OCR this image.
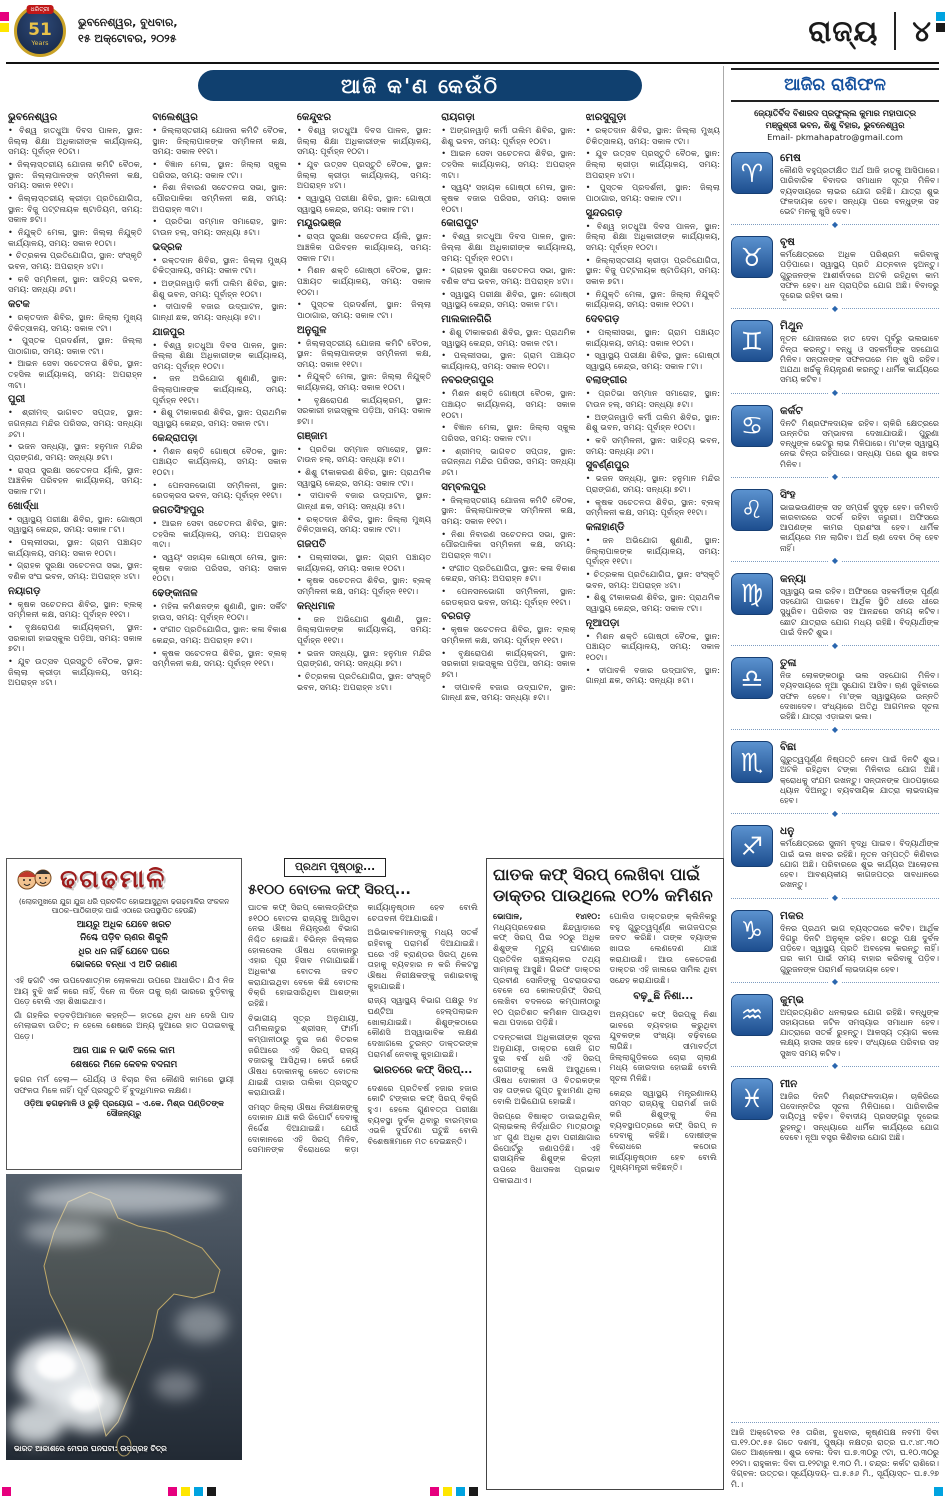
ଧରିତ୍ରୀ
51
Years
ଭୁବନେଶ୍ୱର, ବୁଧବାର,
୧୫ ଅକ୍ଟୋବର, ୨୦୨୫	ରାଜ୍ୟ ୪
ଆଜି କ'ଣ କେଉଁଠି
ଭୁବନେଶ୍ୱର
• ବିଶ୍ୱ ହାତଧୁଆ ଦିବସ ପାଳନ, ସ୍ଥାନ: ଜିଲ୍ଲା ଶିକ୍ଷା ଅଧିକାରୀଙ୍କ କାର୍ଯ୍ୟାଳୟ, ସମୟ: ପୂର୍ବାହ୍ନ ୧୦ଟା।
• ଜିଲ୍ଲାସ୍ତରୀୟ ଯୋଜନା କମିଟି ବୈଠକ, ସ୍ଥାନ: ଜିଲ୍ଲାପାଳଙ୍କ ସମ୍ମିଳନୀ କକ୍ଷ, ସମୟ: ସକାଳ ୧୧ଟା।
• ଜିଲ୍ଲାସ୍ତରୀୟ କ୍ରୀଡ଼ା ପ୍ରତିଯୋଗିତା, ସ୍ଥାନ: ବିଜୁ ପଟ୍ଟନାୟକ ଷ୍ଟାଡିୟମ, ସମୟ: ସକାଳ ୭ଟା।
• ନିଯୁକ୍ତି ମେଳା, ସ୍ଥାନ: ଜିଲ୍ଲା ନିଯୁକ୍ତି କାର୍ଯ୍ୟାଳୟ, ସମୟ: ସକାଳ ୧୦ଟା।
• ଚିତ୍ରକଳା ପ୍ରତିଯୋଗିତା, ସ୍ଥାନ: ସଂସ୍କୃତି ଭବନ, ସମୟ: ଅପରାହ୍ନ ୪ଟା।
• କବି ସମ୍ମିଳନୀ, ସ୍ଥାନ: ସାହିତ୍ୟ ଭବନ, ସମୟ: ସନ୍ଧ୍ୟା ୬ଟା।
କଟକ
• ରକ୍ତଦାନ ଶିବିର, ସ୍ଥାନ: ଜିଲ୍ଲା ମୁଖ୍ୟ ଚିକିତ୍ସାଳୟ, ସମୟ: ସକାଳ ୯ଟା।
• ପୁସ୍ତକ ପ୍ରଦର୍ଶନୀ, ସ୍ଥାନ: ଜିଲ୍ଲା ପାଠାଗାର, ସମୟ: ସକାଳ ୯ଟା।
• ଆଇନ ସେବା ସଚେତନତା ଶିବିର, ସ୍ଥାନ: ତହସିଲ କାର୍ଯ୍ୟାଳୟ, ସମୟ: ଅପରାହ୍ନ ୩ଟା।
ପୁରୀ
• ଶ୍ରୀମଦ୍ ଭାଗବତ ସପ୍ତାହ, ସ୍ଥାନ: ଜଗନ୍ନାଥ ମନ୍ଦିର ପରିସର, ସମୟ: ସନ୍ଧ୍ୟା ୬ଟା।
• ଭଜନ ସନ୍ଧ୍ୟା, ସ୍ଥାନ: ହନୁମାନ ମନ୍ଦିର ପ୍ରାଙ୍ଗଣ, ସମୟ: ସନ୍ଧ୍ୟା ୭ଟା।
• ରାସ୍ତା ସୁରକ୍ଷା ସଚେତନତା ର୍ୟାଲି, ସ୍ଥାନ: ଆଞ୍ଚଳିକ ପରିବହନ କାର୍ଯ୍ୟାଳୟ, ସମୟ: ସକାଳ ୮ଟା।
ଖୋର୍ଦ୍ଧା
• ସ୍ୱାସ୍ଥ୍ୟ ପରୀକ୍ଷା ଶିବିର, ସ୍ଥାନ: ଗୋଷ୍ଠୀ ସ୍ୱାସ୍ଥ୍ୟ କେନ୍ଦ୍ର, ସମୟ: ସକାଳ ୮ଟା।
• ପଲ୍ଲୀସଭା, ସ୍ଥାନ: ଗ୍ରାମ ପଞ୍ଚାୟତ କାର୍ଯ୍ୟାଳୟ, ସମୟ: ସକାଳ ୧୦ଟା।
• ଗ୍ରାହକ ସୁରକ୍ଷା ସଚେତନତା ସଭା, ସ୍ଥାନ: ବଣିକ ସଂଘ ଭବନ, ସମୟ: ଅପରାହ୍ନ ୪ଟା।
ନୟାଗଡ଼
• କୃଷକ ସଚେତନତା ଶିବିର, ସ୍ଥାନ: ବ୍ଲକ୍ ସମ୍ମିଳନୀ କକ୍ଷ, ସମୟ: ପୂର୍ବାହ୍ନ ୧୧ଟା।
• ବୃକ୍ଷରୋପଣ କାର୍ଯ୍ୟକ୍ରମ, ସ୍ଥାନ: ସରକାରୀ ହାଇସ୍କୁଲ ପଡ଼ିଆ, ସମୟ: ସକାଳ ୭ଟା।
• ଯୁବ ଉତ୍ସବ ପ୍ରସ୍ତୁତି ବୈଠକ, ସ୍ଥାନ: ଜିଲ୍ଲା କ୍ରୀଡ଼ା କାର୍ଯ୍ୟାଳୟ, ସମୟ: ଅପରାହ୍ନ ୪ଟା।
ବାଲେଶ୍ୱର
• ଜିଲ୍ଲାସ୍ତରୀୟ ଯୋଜନା କମିଟି ବୈଠକ, ସ୍ଥାନ: ଜିଲ୍ଲାପାଳଙ୍କ ସମ୍ମିଳନୀ କକ୍ଷ, ସମୟ: ସକାଳ ୧୧ଟା।
• ବିଜ୍ଞାନ ମେଳା, ସ୍ଥାନ: ଜିଲ୍ଲା ସ୍କୁଲ ପରିସର, ସମୟ: ସକାଳ ୯ଟା।
• ନିଶା ନିବାରଣ ସଚେତନତା ସଭା, ସ୍ଥାନ: ପୌରପାଳିକା ସମ୍ମିଳନୀ କକ୍ଷ, ସମୟ: ଅପରାହ୍ନ ୩ଟା।
• ପ୍ରତିଭା ସମ୍ମାନ ସମାରୋହ, ସ୍ଥାନ: ଟାଉନ ହଲ୍, ସମୟ: ସନ୍ଧ୍ୟା ୫ଟା।
ଭଦ୍ରକ
• ରକ୍ତଦାନ ଶିବିର, ସ୍ଥାନ: ଜିଲ୍ଲା ମୁଖ୍ୟ ଚିକିତ୍ସାଳୟ, ସମୟ: ସକାଳ ୯ଟା।
• ଅଙ୍ଗନୱାଡ଼ି କର୍ମୀ ତାଲିମ ଶିବିର, ସ୍ଥାନ: ଶିଶୁ ଭବନ, ସମୟ: ପୂର୍ବାହ୍ନ ୧୦ଟା।
• ଦୀପାବଳି ବଜାର ଉଦ୍‌ଘାଟନ, ସ୍ଥାନ: ଗାନ୍ଧୀ ଛକ, ସମୟ: ସନ୍ଧ୍ୟା ୫ଟା।
ଯାଜପୁର
• ବିଶ୍ୱ ହାତଧୁଆ ଦିବସ ପାଳନ, ସ୍ଥାନ: ଜିଲ୍ଲା ଶିକ୍ଷା ଅଧିକାରୀଙ୍କ କାର୍ଯ୍ୟାଳୟ, ସମୟ: ପୂର୍ବାହ୍ନ ୧୦ଟା।
• ଜନ ଅଭିଯୋଗ ଶୁଣାଣି, ସ୍ଥାନ: ଜିଲ୍ଲାପାଳଙ୍କ କାର୍ଯ୍ୟାଳୟ, ସମୟ: ପୂର୍ବାହ୍ନ ୧୧ଟା।
• ଶିଶୁ ଟୀକାକରଣ ଶିବିର, ସ୍ଥାନ: ପ୍ରାଥମିକ ସ୍ୱାସ୍ଥ୍ୟ କେନ୍ଦ୍ର, ସମୟ: ସକାଳ ୯ଟା।
କେନ୍ଦ୍ରାପଡ଼ା
• ମିଶନ ଶକ୍ତି ଗୋଷ୍ଠୀ ବୈଠକ, ସ୍ଥାନ: ପଞ୍ଚାୟତ କାର୍ଯ୍ୟାଳୟ, ସମୟ: ସକାଳ ୧୦ଟା।
• ପେନସନଭୋଗୀ ସମ୍ମିଳନୀ, ସ୍ଥାନ: ରେଡକ୍ରସ ଭବନ, ସମୟ: ପୂର୍ବାହ୍ନ ୧୧ଟା।
ଜଗତସିଂହପୁର
• ଆଇନ ସେବା ସଚେତନତା ଶିବିର, ସ୍ଥାନ: ତହସିଲ କାର୍ଯ୍ୟାଳୟ, ସମୟ: ଅପରାହ୍ନ ୩ଟା।
• ସ୍ୱୟଂ ସହାୟକ ଗୋଷ୍ଠୀ ମେଳା, ସ୍ଥାନ: କୃଷକ ବଜାର ପରିସର, ସମୟ: ସକାଳ ୧୦ଟା।
ଢେଙ୍କାନାଳ
• ମହିଳା କମିଶନଙ୍କ ଶୁଣାଣି, ସ୍ଥାନ: ସର୍କିଟ ହାଉସ, ସମୟ: ପୂର୍ବାହ୍ନ ୧୦ଟା।
• ସଂଗୀତ ପ୍ରତିଯୋଗିତା, ସ୍ଥାନ: କଳା ବିକାଶ କେନ୍ଦ୍ର, ସମୟ: ଅପରାହ୍ନ ୫ଟା।
• କୃଷକ ସଚେତନତା ଶିବିର, ସ୍ଥାନ: ବ୍ଲକ୍ ସମ୍ମିଳନୀ କକ୍ଷ, ସମୟ: ପୂର୍ବାହ୍ନ ୧୧ଟା।
କେନ୍ଦୁଝର
• ବିଶ୍ୱ ହାତଧୁଆ ଦିବସ ପାଳନ, ସ୍ଥାନ: ଜିଲ୍ଲା ଶିକ୍ଷା ଅଧିକାରୀଙ୍କ କାର୍ଯ୍ୟାଳୟ, ସମୟ: ପୂର୍ବାହ୍ନ ୧୦ଟା।
• ଯୁବ ଉତ୍ସବ ପ୍ରସ୍ତୁତି ବୈଠକ, ସ୍ଥାନ: ଜିଲ୍ଲା କ୍ରୀଡ଼ା କାର୍ଯ୍ୟାଳୟ, ସମୟ: ଅପରାହ୍ନ ୪ଟା।
• ସ୍ୱାସ୍ଥ୍ୟ ପରୀକ୍ଷା ଶିବିର, ସ୍ଥାନ: ଗୋଷ୍ଠୀ ସ୍ୱାସ୍ଥ୍ୟ କେନ୍ଦ୍ର, ସମୟ: ସକାଳ ୮ଟା।
ମୟୂରଭଞ୍ଜ
• ରାସ୍ତା ସୁରକ୍ଷା ସଚେତନତା ର୍ୟାଲି, ସ୍ଥାନ: ଆଞ୍ଚଳିକ ପରିବହନ କାର୍ଯ୍ୟାଳୟ, ସମୟ: ସକାଳ ୮ଟା।
• ମିଶନ ଶକ୍ତି ଗୋଷ୍ଠୀ ବୈଠକ, ସ୍ଥାନ: ପଞ୍ଚାୟତ କାର୍ଯ୍ୟାଳୟ, ସମୟ: ସକାଳ ୧୦ଟା।
• ପୁସ୍ତକ ପ୍ରଦର୍ଶନୀ, ସ୍ଥାନ: ଜିଲ୍ଲା ପାଠାଗାର, ସମୟ: ସକାଳ ୯ଟା।
ଅନୁଗୁଳ
• ଜିଲ୍ଲାସ୍ତରୀୟ ଯୋଜନା କମିଟି ବୈଠକ, ସ୍ଥାନ: ଜିଲ୍ଲାପାଳଙ୍କ ସମ୍ମିଳନୀ କକ୍ଷ, ସମୟ: ସକାଳ ୧୧ଟା।
• ନିଯୁକ୍ତି ମେଳା, ସ୍ଥାନ: ଜିଲ୍ଲା ନିଯୁକ୍ତି କାର୍ଯ୍ୟାଳୟ, ସମୟ: ସକାଳ ୧୦ଟା।
• ବୃକ୍ଷରୋପଣ କାର୍ଯ୍ୟକ୍ରମ, ସ୍ଥାନ: ସରକାରୀ ହାଇସ୍କୁଲ ପଡ଼ିଆ, ସମୟ: ସକାଳ ୭ଟା।
ଗଞ୍ଜାମ
• ପ୍ରତିଭା ସମ୍ମାନ ସମାରୋହ, ସ୍ଥାନ: ଟାଉନ ହଲ୍, ସମୟ: ସନ୍ଧ୍ୟା ୫ଟା।
• ଶିଶୁ ଟୀକାକରଣ ଶିବିର, ସ୍ଥାନ: ପ୍ରାଥମିକ ସ୍ୱାସ୍ଥ୍ୟ କେନ୍ଦ୍ର, ସମୟ: ସକାଳ ୯ଟା।
• ଦୀପାବଳି ବଜାର ଉଦ୍‌ଘାଟନ, ସ୍ଥାନ: ଗାନ୍ଧୀ ଛକ, ସମୟ: ସନ୍ଧ୍ୟା ୫ଟା।
• ରକ୍ତଦାନ ଶିବିର, ସ୍ଥାନ: ଜିଲ୍ଲା ମୁଖ୍ୟ ଚିକିତ୍ସାଳୟ, ସମୟ: ସକାଳ ୯ଟା।
ଗଜପତି
• ପଲ୍ଲୀସଭା, ସ୍ଥାନ: ଗ୍ରାମ ପଞ୍ଚାୟତ କାର୍ଯ୍ୟାଳୟ, ସମୟ: ସକାଳ ୧୦ଟା।
• କୃଷକ ସଚେତନତା ଶିବିର, ସ୍ଥାନ: ବ୍ଲକ୍ ସମ୍ମିଳନୀ କକ୍ଷ, ସମୟ: ପୂର୍ବାହ୍ନ ୧୧ଟା।
କନ୍ଧମାଳ
• ଜନ ଅଭିଯୋଗ ଶୁଣାଣି, ସ୍ଥାନ: ଜିଲ୍ଲାପାଳଙ୍କ କାର୍ଯ୍ୟାଳୟ, ସମୟ: ପୂର୍ବାହ୍ନ ୧୧ଟା।
• ଭଜନ ସନ୍ଧ୍ୟା, ସ୍ଥାନ: ହନୁମାନ ମନ୍ଦିର ପ୍ରାଙ୍ଗଣ, ସମୟ: ସନ୍ଧ୍ୟା ୭ଟା।
• ଚିତ୍ରକଳା ପ୍ରତିଯୋଗିତା, ସ୍ଥାନ: ସଂସ୍କୃତି ଭବନ, ସମୟ: ଅପରାହ୍ନ ୪ଟା।
ରାୟଗଡ଼ା
• ଅଙ୍ଗନୱାଡ଼ି କର୍ମୀ ତାଲିମ ଶିବିର, ସ୍ଥାନ: ଶିଶୁ ଭବନ, ସମୟ: ପୂର୍ବାହ୍ନ ୧୦ଟା।
• ଆଇନ ସେବା ସଚେତନତା ଶିବିର, ସ୍ଥାନ: ତହସିଲ କାର୍ଯ୍ୟାଳୟ, ସମୟ: ଅପରାହ୍ନ ୩ଟା।
• ସ୍ୱୟଂ ସହାୟକ ଗୋଷ୍ଠୀ ମେଳା, ସ୍ଥାନ: କୃଷକ ବଜାର ପରିସର, ସମୟ: ସକାଳ ୧୦ଟା।
କୋରାପୁଟ
• ବିଶ୍ୱ ହାତଧୁଆ ଦିବସ ପାଳନ, ସ୍ଥାନ: ଜିଲ୍ଲା ଶିକ୍ଷା ଅଧିକାରୀଙ୍କ କାର୍ଯ୍ୟାଳୟ, ସମୟ: ପୂର୍ବାହ୍ନ ୧୦ଟା।
• ଗ୍ରାହକ ସୁରକ୍ଷା ସଚେତନତା ସଭା, ସ୍ଥାନ: ବଣିକ ସଂଘ ଭବନ, ସମୟ: ଅପରାହ୍ନ ୪ଟା।
• ସ୍ୱାସ୍ଥ୍ୟ ପରୀକ୍ଷା ଶିବିର, ସ୍ଥାନ: ଗୋଷ୍ଠୀ ସ୍ୱାସ୍ଥ୍ୟ କେନ୍ଦ୍ର, ସମୟ: ସକାଳ ୮ଟା।
ମାଲକାନଗିରି
• ଶିଶୁ ଟୀକାକରଣ ଶିବିର, ସ୍ଥାନ: ପ୍ରାଥମିକ ସ୍ୱାସ୍ଥ୍ୟ କେନ୍ଦ୍ର, ସମୟ: ସକାଳ ୯ଟା।
• ପଲ୍ଲୀସଭା, ସ୍ଥାନ: ଗ୍ରାମ ପଞ୍ଚାୟତ କାର୍ଯ୍ୟାଳୟ, ସମୟ: ସକାଳ ୧୦ଟା।
ନବରଙ୍ଗପୁର
• ମିଶନ ଶକ୍ତି ଗୋଷ୍ଠୀ ବୈଠକ, ସ୍ଥାନ: ପଞ୍ଚାୟତ କାର୍ଯ୍ୟାଳୟ, ସମୟ: ସକାଳ ୧୦ଟା।
• ବିଜ୍ଞାନ ମେଳା, ସ୍ଥାନ: ଜିଲ୍ଲା ସ୍କୁଲ ପରିସର, ସମୟ: ସକାଳ ୯ଟା।
• ଶ୍ରୀମଦ୍ ଭାଗବତ ସପ୍ତାହ, ସ୍ଥାନ: ଜଗନ୍ନାଥ ମନ୍ଦିର ପରିସର, ସମୟ: ସନ୍ଧ୍ୟା ୬ଟା।
ସମ୍ବଲପୁର
• ଜିଲ୍ଲାସ୍ତରୀୟ ଯୋଜନା କମିଟି ବୈଠକ, ସ୍ଥାନ: ଜିଲ୍ଲାପାଳଙ୍କ ସମ୍ମିଳନୀ କକ୍ଷ, ସମୟ: ସକାଳ ୧୧ଟା।
• ନିଶା ନିବାରଣ ସଚେତନତା ସଭା, ସ୍ଥାନ: ପୌରପାଳିକା ସମ୍ମିଳନୀ କକ୍ଷ, ସମୟ: ଅପରାହ୍ନ ୩ଟା।
• ସଂଗୀତ ପ୍ରତିଯୋଗିତା, ସ୍ଥାନ: କଳା ବିକାଶ କେନ୍ଦ୍ର, ସମୟ: ଅପରାହ୍ନ ୫ଟା।
• ପେନସନଭୋଗୀ ସମ୍ମିଳନୀ, ସ୍ଥାନ: ରେଡକ୍ରସ ଭବନ, ସମୟ: ପୂର୍ବାହ୍ନ ୧୧ଟା।
ବରଗଡ଼
• କୃଷକ ସଚେତନତା ଶିବିର, ସ୍ଥାନ: ବ୍ଲକ୍ ସମ୍ମିଳନୀ କକ୍ଷ, ସମୟ: ପୂର୍ବାହ୍ନ ୧୧ଟା।
• ବୃକ୍ଷରୋପଣ କାର୍ଯ୍ୟକ୍ରମ, ସ୍ଥାନ: ସରକାରୀ ହାଇସ୍କୁଲ ପଡ଼ିଆ, ସମୟ: ସକାଳ ୭ଟା।
• ଦୀପାବଳି ବଜାର ଉଦ୍‌ଘାଟନ, ସ୍ଥାନ: ଗାନ୍ଧୀ ଛକ, ସମୟ: ସନ୍ଧ୍ୟା ୫ଟା।
ଝାରସୁଗୁଡ଼ା
• ରକ୍ତଦାନ ଶିବିର, ସ୍ଥାନ: ଜିଲ୍ଲା ମୁଖ୍ୟ ଚିକିତ୍ସାଳୟ, ସମୟ: ସକାଳ ୯ଟା।
• ଯୁବ ଉତ୍ସବ ପ୍ରସ୍ତୁତି ବୈଠକ, ସ୍ଥାନ: ଜିଲ୍ଲା କ୍ରୀଡ଼ା କାର୍ଯ୍ୟାଳୟ, ସମୟ: ଅପରାହ୍ନ ୪ଟା।
• ପୁସ୍ତକ ପ୍ରଦର୍ଶନୀ, ସ୍ଥାନ: ଜିଲ୍ଲା ପାଠାଗାର, ସମୟ: ସକାଳ ୯ଟା।
ସୁନ୍ଦରଗଡ଼
• ବିଶ୍ୱ ହାତଧୁଆ ଦିବସ ପାଳନ, ସ୍ଥାନ: ଜିଲ୍ଲା ଶିକ୍ଷା ଅଧିକାରୀଙ୍କ କାର୍ଯ୍ୟାଳୟ, ସମୟ: ପୂର୍ବାହ୍ନ ୧୦ଟା।
• ଜିଲ୍ଲାସ୍ତରୀୟ କ୍ରୀଡ଼ା ପ୍ରତିଯୋଗିତା, ସ୍ଥାନ: ବିଜୁ ପଟ୍ଟନାୟକ ଷ୍ଟାଡିୟମ, ସମୟ: ସକାଳ ୭ଟା।
• ନିଯୁକ୍ତି ମେଳା, ସ୍ଥାନ: ଜିଲ୍ଲା ନିଯୁକ୍ତି କାର୍ଯ୍ୟାଳୟ, ସମୟ: ସକାଳ ୧୦ଟା।
ଦେବଗଡ଼
• ପଲ୍ଲୀସଭା, ସ୍ଥାନ: ଗ୍ରାମ ପଞ୍ଚାୟତ କାର୍ଯ୍ୟାଳୟ, ସମୟ: ସକାଳ ୧୦ଟା।
• ସ୍ୱାସ୍ଥ୍ୟ ପରୀକ୍ଷା ଶିବିର, ସ୍ଥାନ: ଗୋଷ୍ଠୀ ସ୍ୱାସ୍ଥ୍ୟ କେନ୍ଦ୍ର, ସମୟ: ସକାଳ ୮ଟା।
ବଲାଙ୍ଗୀର
• ପ୍ରତିଭା ସମ୍ମାନ ସମାରୋହ, ସ୍ଥାନ: ଟାଉନ ହଲ୍, ସମୟ: ସନ୍ଧ୍ୟା ୫ଟା।
• ଅଙ୍ଗନୱାଡ଼ି କର୍ମୀ ତାଲିମ ଶିବିର, ସ୍ଥାନ: ଶିଶୁ ଭବନ, ସମୟ: ପୂର୍ବାହ୍ନ ୧୦ଟା।
• କବି ସମ୍ମିଳନୀ, ସ୍ଥାନ: ସାହିତ୍ୟ ଭବନ, ସମୟ: ସନ୍ଧ୍ୟା ୬ଟା।
ସୁବର୍ଣ୍ଣପୁର
• ଭଜନ ସନ୍ଧ୍ୟା, ସ୍ଥାନ: ହନୁମାନ ମନ୍ଦିର ପ୍ରାଙ୍ଗଣ, ସମୟ: ସନ୍ଧ୍ୟା ୭ଟା।
• କୃଷକ ସଚେତନତା ଶିବିର, ସ୍ଥାନ: ବ୍ଲକ୍ ସମ୍ମିଳନୀ କକ୍ଷ, ସମୟ: ପୂର୍ବାହ୍ନ ୧୧ଟା।
କଳାହାଣ୍ଡି
• ଜନ ଅଭିଯୋଗ ଶୁଣାଣି, ସ୍ଥାନ: ଜିଲ୍ଲାପାଳଙ୍କ କାର୍ଯ୍ୟାଳୟ, ସମୟ: ପୂର୍ବାହ୍ନ ୧୧ଟା।
• ଚିତ୍ରକଳା ପ୍ରତିଯୋଗିତା, ସ୍ଥାନ: ସଂସ୍କୃତି ଭବନ, ସମୟ: ଅପରାହ୍ନ ୪ଟା।
• ଶିଶୁ ଟୀକାକରଣ ଶିବିର, ସ୍ଥାନ: ପ୍ରାଥମିକ ସ୍ୱାସ୍ଥ୍ୟ କେନ୍ଦ୍ର, ସମୟ: ସକାଳ ୯ଟା।
ନୂଆପଡ଼ା
• ମିଶନ ଶକ୍ତି ଗୋଷ୍ଠୀ ବୈଠକ, ସ୍ଥାନ: ପଞ୍ଚାୟତ କାର୍ଯ୍ୟାଳୟ, ସମୟ: ସକାଳ ୧୦ଟା।
• ଦୀପାବଳି ବଜାର ଉଦ୍‌ଘାଟନ, ସ୍ଥାନ: ଗାନ୍ଧୀ ଛକ, ସମୟ: ସନ୍ଧ୍ୟା ୫ଟା।
ଆଜିର ରାଶିଫଳ
ଜ୍ୟୋତିର୍ବିଦ ବିଶାରଦ ପ୍ରଫୁଲ୍ଲ କୁମାର ମହାପାତ୍ର
ମଞ୍ଜୁଶ୍ରୀ ଭବନ, ଶିଶୁ ବିହାର, ଭୁବନେଶ୍ୱର
Email- pkmahapatro@gmail.com
♈
ମେଷ
କୌଣସି ବହୁପ୍ରତୀକ୍ଷିତ ଅର୍ଥ ଆଜି ହାତକୁ ଆସିପାରେ। ପାରିବାରିକ ବିବାଦର ସମାଧାନ ସୂତ୍ର ମିଳିବ। ବ୍ୟବସାୟରେ ଲାଭର ଯୋଗ ରହିଛି। ଯାତ୍ରା ଶୁଭ ଫଳଦାୟକ ହେବ। ସନ୍ଧ୍ୟା ପରେ ବନ୍ଧୁଙ୍କ ସହ ଭେଟ ମନକୁ ଖୁସି ଦେବ।
◆
♉
ବୃଷ
କର୍ମକ୍ଷେତ୍ରରେ ଅଧିକ ପରିଶ୍ରମ କରିବାକୁ ପଡ଼ିପାରେ। ସ୍ୱାସ୍ଥ୍ୟ ପ୍ରତି ଯତ୍ନବାନ ହୁଅନ୍ତୁ। ଗୁରୁଜନଙ୍କ ଆଶୀର୍ବାଦରେ ଅଟକି ରହିଥିବା କାମ ସଫଳ ହେବ। ଧନ ପ୍ରାପ୍ତିର ଯୋଗ ଅଛି। ବିବାଦରୁ ଦୂରେଇ ରହିବା ଭଲ।
◆
♊
ମିଥୁନ
ନୂତନ ଯୋଜନାରେ ହାତ ଦେବା ପୂର୍ବରୁ ଭଲଭାବେ ଚିନ୍ତା କରନ୍ତୁ। ବନ୍ଧୁ ଓ ସହକର୍ମୀଙ୍କ ସହଯୋଗ ମିଳିବ। ସନ୍ତାନଙ୍କ ସଫଳତାରେ ମନ ଖୁସି ରହିବ। ଅଯଥା ଖର୍ଚ୍ଚକୁ ନିୟନ୍ତ୍ରଣ କରନ୍ତୁ। ଧାର୍ମିକ କାର୍ଯ୍ୟରେ ସମୟ କଟିବ।
◆
♋
କର୍କଟ
ଦିନଟି ମିଶ୍ରଫଳଦାୟକ ରହିବ। ଚାକିରି କ୍ଷେତ୍ରରେ ଉନ୍ନତିର ସମ୍ଭାବନା ଦେଖାଯାଉଛି। ପୁରୁଣା ବନ୍ଧୁଙ୍କ ଭେଟରୁ ଲାଭ ମିଳିପାରେ। ମା'ଙ୍କ ସ୍ୱାସ୍ଥ୍ୟ ନେଇ ଚିନ୍ତା ରହିପାରେ। ସନ୍ଧ୍ୟା ପରେ ଶୁଭ ଖବର ମିଳିବ।
◆
♌
ସିଂହ
ଭାଇଭଉଣୀଙ୍କ ସହ ସମ୍ପର୍କ ସୁଦୃଢ଼ ହେବ। ଜମିବାଡ଼ି କାରବାରରେ ସତର୍କ ରହିବା ଜରୁରୀ। ଅଫିସରେ ଆପଣଙ୍କ କାମର ପ୍ରଶଂସା ହେବ। ଧାର୍ମିକ କାର୍ଯ୍ୟରେ ମନ ଲାଗିବ। ଅର୍ଥ ଋଣ ଦେବା ଠିକ୍ ହେବ ନାହିଁ।
◆
♍
କନ୍ୟା
ସ୍ୱାସ୍ଥ୍ୟ ଭଲ ରହିବ। ଅଫିସରେ ସହକର୍ମୀଙ୍କ ପୂର୍ଣ୍ଣ ସହଯୋଗ ପାଇବେ। ଆର୍ଥିକ ସ୍ଥିତି ଧୀରେ ଧୀରେ ସୁଧୁରିବ। ପରିବାର ସହ ଆନନ୍ଦରେ ସମୟ କଟିବ। ଛୋଟ ଯାତ୍ରାର ଯୋଗ ମଧ୍ୟ ରହିଛି। ବିଦ୍ୟାର୍ଥୀଙ୍କ ପାଇଁ ଦିନଟି ଶୁଭ।
◆
♎
ତୁଳା
ନିଜ ଲୋକଙ୍କଠାରୁ ଭଲ ସହଯୋଗ ମିଳିବ। ବ୍ୟବସାୟରେ ନୂଆ ସୁଯୋଗ ଆସିବ। ଋଣ ସୁଝିବାରେ ସଫଳ ହେବେ। ମା'ଙ୍କ ସ୍ୱାସ୍ଥ୍ୟରେ ଉନ୍ନତି ଦେଖାଦେବ। ସଂଧ୍ୟାରେ ଅତିଥି ଆଗମନର ସୂଚନା ରହିଛି। ଯାତ୍ରା ଏଡ଼ାଇବା ଭଲ।
◆
♏
ବିଛା
ଗୁରୁତ୍ୱପୂର୍ଣ୍ଣ ନିଷ୍ପତ୍ତି ନେବା ପାଇଁ ଦିନଟି ଶୁଭ। ଅଟକି ରହିଥିବା ଟଙ୍କା ମିଳିବାର ଯୋଗ ଅଛି। କ୍ରୋଧକୁ ସଂଯମ ରଖନ୍ତୁ। ସନ୍ତାନଙ୍କ ପାଠପଢ଼ାରେ ଧ୍ୟାନ ଦିଅନ୍ତୁ। ବ୍ୟବସାୟିକ ଯାତ୍ରା ଲାଭଦାୟକ ହେବ।
◆
♐
ଧନୁ
କର୍ମକ୍ଷେତ୍ରରେ ସୁନାମ ବୃଦ୍ଧି ପାଇବ। ବିଦ୍ୟାର୍ଥୀଙ୍କ ପାଇଁ ଭଲ ଖବର ରହିଛି। ନୂତନ ସମ୍ପତ୍ତି କିଣିବାର ଯୋଗ ଅଛି। ପରିବାରରେ ଶୁଭ କାର୍ଯ୍ୟର ଆଲୋଚନା ହେବ। ଆବଶ୍ୟକୀୟ କାଗଜପତ୍ର ସାବଧାନରେ ରଖନ୍ତୁ।
◆
♑
ମକର
ଦିନର ପ୍ରଥମ ଭାଗ ବ୍ୟସ୍ତତାରେ କଟିବ। ଆର୍ଥିକ ଦିଗରୁ ଦିନଟି ଅନୁକୂଳ ରହିବ। ଶତ୍ରୁ ପକ୍ଷ ଦୁର୍ବଳ ପଡ଼ିବେ। ସ୍ୱାସ୍ଥ୍ୟ ପ୍ରତି ଅବହେଳା କରନ୍ତୁ ନାହିଁ। ଘର କାମ ପାଇଁ ସମୟ ବାହାର କରିବାକୁ ପଡ଼ିବ। ଗୁରୁଜନଙ୍କ ପରାମର୍ଶ ଲାଭଦାୟକ ହେବ।
◆
♒
କୁମ୍ଭ
ଅପ୍ରତ୍ୟାଶିତ ଧନଲାଭର ଯୋଗ ରହିଛି। ବନ୍ଧୁଙ୍କ ସହାୟତାରେ ଜଟିଳ ସମସ୍ୟାର ସମାଧାନ ହେବ। ଯାତ୍ରାରେ ସତର୍କ ରୁହନ୍ତୁ। ଆଳସ୍ୟ ତ୍ୟାଗ କଲେ ଲକ୍ଷ୍ୟ ହାସଲ ସହଜ ହେବ। ସଂଧ୍ୟାରେ ପରିବାର ସହ ସୁଖଦ ସମୟ କଟିବ।
◆
♓
ମୀନ
ଆଜିର ଦିନଟି ମିଶ୍ରଫଳଦାୟକ। ଚାକିରିରେ ପଦୋନ୍ନତିର ସୂଚନା ମିଳିପାରେ। ପାରିବାରିକ ଦାୟିତ୍ୱ ବଢ଼ିବ। ବିବାଦୀୟ ପ୍ରସଙ୍ଗରୁ ଦୂରେଇ ରୁହନ୍ତୁ। ସନ୍ଧ୍ୟାରେ ଧାର୍ମିକ କାର୍ଯ୍ୟରେ ଯୋଗ ଦେବେ। ନୂଆ ବସ୍ତ୍ର କିଣିବାର ଯୋଗ ଅଛି।
ଆଜି ଅକ୍ଟୋବର ୧୫ ତାରିଖ, ବୁଧବାର, କୃଷ୍ଣପକ୍ଷ ନବମୀ ଦିବା ଘ.୧୨.୦୯.୫୫ ଗତେ ଦଶମୀ, ପୁଷ୍ୟା ନକ୍ଷତ୍ର ରାତ୍ର ଘ.୯.୪୮.୩୦ ଗତେ ଆଶ୍ଳେଷା। ଶୁଭ ବେଳା: ଦିବା ଘ.୭.୩୦ରୁ ୯ଟା, ଘ.୧୦.୩୦ରୁ ୧୨ଟା। ରାହୁକାଳ: ଦିବା ଘ.୧୨ଟାରୁ ୧.୩୦ ମି.। ଚନ୍ଦ୍ର: କର୍କଟ ରାଶିରେ। ଦିଗ୍‌ବଳ: ଉତ୍ତର। ସୂର୍ଯ୍ୟୋଦୟ- ଘ.୫.୫୬ ମି., ସୂର୍ଯ୍ୟାସ୍ତ- ଘ.୫.୨୭ ମି.।
ଢଗଢମାଳି
(ଲୋକମୁଖରେ ଯୁଗ ଯୁଗ ଧରି ପ୍ରଚଳିତ ହୋଇଆସୁଥିବା ଢଗଢମାଳିର ସଂକଳନ ପାଠକ–ପାଠିକାଙ୍କ ପାଇଁ ଏଠାରେ ଉପସ୍ଥାପିତ ହେଉଛି)
ଆୟରୁ ଅଧିକ ଯେବେ ଖରଚ
ନିଶ୍ଚେ ପଡ଼ିବ ଋଣର ଶିକୁଳି
ଧିର ଧନ ନାହିଁ ଯେବେ ଘରେ
ଭୋକରେ ବନ୍ଧା ଏ ଅତି ଜଣାଣ
ଏହି ଢଗଟି ଏକ ଉପଦେଶାତ୍ମକ ଲୋକକଥା ଉପରେ ଆଧାରିତ। ଯିଏ ନିଜ ଆୟ ବୁଝି ଖର୍ଚ୍ଚ କରେ ନାହିଁ, ଦିନେ ନା ଦିନେ ତାକୁ ଋଣ ଭାରରେ ବୁଡ଼ିବାକୁ ପଡ଼େ ବୋଲି ଏହା ଶିଖାଇଥାଏ।
ଗାଁ ଗହଳିର ବଡ଼ବଡ଼ିଆମାନେ କହନ୍ତି— ହାତରେ ଥିବା ଧନ ଦେଖି ପାଦ ମେଲାଇବା ଉଚିତ; ନ ହେଲେ ଶେଷରେ ଅନ୍ୟ ଦୁଆରେ ହାତ ପତାଇବାକୁ ପଡ଼େ।
ଆଗ ପାଛ ନ ଭାବି କଲେ କାମ
ଶେଷରେ ମିଳେ କେବଳ ବଦନାମ
ଢଗର ମର୍ମ ହେଲା— ଧୈର୍ଯ୍ୟ ଓ ବିଚାର ବିନା କୌଣସି କାମରେ ସ୍ଥାୟୀ ସଫଳତା ମିଳେ ନାହିଁ। ପୂର୍ବ ପ୍ରସ୍ତୁତି ହିଁ ବୁଦ୍ଧିମାନର ଲକ୍ଷଣ।
ଓଡ଼ିଆ ଢଗଢମାଳି ଓ ରୁଢ଼ି ପ୍ରୟୋଗ – ଏ.କେ. ମିଶ୍ର ପଣ୍ଡିତଙ୍କ ସୌଜନ୍ୟରୁ
ଭାରତ ଆକାଶରେ ମେଘର ଘନଘଟା: ଉପଗ୍ରହ ଚିତ୍ର
ପ୍ରଥମ ପୃଷ୍ଠାରୁ...
୫୧୦୦ ବୋତଲ କଫ୍ ସିରପ୍...
ଘାତକ କଫ୍ ସିରପ୍ କୋଲଡ୍ରିଫ୍‌ର ୫୧୦୦ ବୋତଲ ରାଜ୍ୟକୁ ଆସିଥିବା ନେଇ ଔଷଧ ନିୟନ୍ତ୍ରଣ ବିଭାଗ ନିଶ୍ଚିତ ହୋଇଛି। ବିଭିନ୍ନ ଜିଲ୍ଲାର ହୋଲସେଲ ଔଷଧ ଦୋକାନରୁ ଏହାର ପୂରା ହିସାବ ମଗାଯାଇଛି। ଅଧିକାଂଶ ବୋତଲ ଜବତ କରାଯାଇଥିବା ବେଳେ କିଛି ବୋତଲ ବିକ୍ରି ହୋଇସାରିଥିବା ଆଶଙ୍କା ରହିଛି।
ବିଭାଗୀୟ ସୂତ୍ର ଅନୁଯାୟୀ, ତାମିଲନାଡୁର ଶ୍ରୀସନ୍ ଫାର୍ମା କମ୍ପାନୀଠାରୁ ଦୁଇ ଜଣ ବିତରକ ଜରିଆରେ ଏହି ସିରପ୍ ରାଜ୍ୟ ବଜାରକୁ ଆସିଥିଲା। କେଉଁ କେଉଁ ଔଷଧ ଦୋକାନକୁ କେତେ ବୋତଲ ଯାଇଛି ତାହାର ତାଲିକା ପ୍ରସ୍ତୁତ କରାଯାଉଛି।
ସମସ୍ତ ଜିଲ୍ଲା ଔଷଧ ନିରୀକ୍ଷକଙ୍କୁ ଦୋକାନ ଯାଞ୍ଚ କରି ରିପୋର୍ଟ ଦେବାକୁ ନିର୍ଦ୍ଦେଶ ଦିଆଯାଇଛି। ଯେଉଁ ଦୋକାନରେ ଏହି ସିରପ୍ ମିଳିବ, ସେମାନଙ୍କ ବିରୋଧରେ କଡ଼ା କାର୍ଯ୍ୟାନୁଷ୍ଠାନ ହେବ ବୋଲି ଚେତାବନୀ ଦିଆଯାଇଛି।
ଅଭିଭାବକମାନଙ୍କୁ ମଧ୍ୟ ସତର୍କ ରହିବାକୁ ପରାମର୍ଶ ଦିଆଯାଇଛି। ଘରେ ଏହି ବ୍ରାଣ୍ଡର ସିରପ୍ ଥିଲେ ତାହାକୁ ବ୍ୟବହାର ନ କରି ନିକଟସ୍ଥ ଔଷଧ ନିରୀକ୍ଷକଙ୍କୁ ଜଣାଇବାକୁ କୁହାଯାଇଛି।
ରାଜ୍ୟ ସ୍ୱାସ୍ଥ୍ୟ ବିଭାଗ ପକ୍ଷରୁ ୨୪ ଘଣ୍ଟିଆ ହେଲ୍ପଲାଇନ ଖୋଲାଯାଇଛି। ଶିଶୁଙ୍କଠାରେ କୌଣସି ଅସ୍ୱାଭାବିକ ଲକ୍ଷଣ ଦେଖାଗଲେ ତୁରନ୍ତ ଡାକ୍ତରଙ୍କ ପରାମର୍ଶ ନେବାକୁ କୁହାଯାଇଛି।
ଭାରତରେ କଫ୍ ସିରପ୍...
ଦେଶରେ ପ୍ରତିବର୍ଷ ହଜାର ହଜାର କୋଟି ଟଙ୍କାର କଫ୍ ସିରପ୍ ବିକ୍ରି ହୁଏ। ହେଲେ ଗୁଣବତ୍ତା ପରୀକ୍ଷା ବ୍ୟବସ୍ଥା ଦୁର୍ବଳ ଥିବାରୁ ବାରମ୍ବାର ଏଭଳି ଦୁର୍ଘଟଣା ଘଟୁଛି ବୋଲି ବିଶେଷଜ୍ଞମାନେ ମତ ଦେଇଛନ୍ତି।
ଘାତକ କଫ୍ ସିରପ୍ ଲେଖିବା ପାଇଁ
ଡାକ୍ତର ପାଉଥିଲେ ୧୦% କମିଶନ
ଭୋପାଳ, ୧୪ା୧୦: ମଧ୍ୟପ୍ରଦେଶର ଛିନ୍ଦୱାଡ଼ାରେ କଫ୍ ସିରପ୍ ପିଇ ୨୦ରୁ ଅଧିକ ଶିଶୁଙ୍କ ମୃତ୍ୟୁ ଘଟଣାରେ ପ୍ରତିଦିନ ଚାଞ୍ଚଲ୍ୟକର ତଥ୍ୟ ସାମ୍ନାକୁ ଆସୁଛି। ଗିରଫ ଡାକ୍ତର ପ୍ରବୀଣ ସୋନିଙ୍କୁ ପଚରାଉଚରା ବେଳେ ସେ କୋଲଡ୍ରିଫ୍ ସିରପ୍ ଲେଖିବା ବଦଳରେ କମ୍ପାନୀଠାରୁ ୧୦ ପ୍ରତିଶତ କମିଶନ ପାଉଥିବା କଥା ପଦାରେ ପଡ଼ିଛି।
ତଦନ୍ତକାରୀ ଅଧିକାରୀଙ୍କ ସୂଚନା ଅନୁଯାୟୀ, ଡାକ୍ତର ସୋନି ଗତ ଦୁଇ ବର୍ଷ ଧରି ଏହି ସିରପ୍ ରୋଗୀଙ୍କୁ ଲେଖି ଆସୁଥିଲେ। ଔଷଧ ଦୋକାନୀ ଓ ବିତରକଙ୍କ ସହ ତାଙ୍କର ଗୁପ୍ତ ବୁଝାମଣା ଥିଲା ବୋଲି ଅଭିଯୋଗ ହୋଇଛି।
ସିରପ୍‌ରେ ବିଷାକ୍ତ ଡାଇଇଥିଲିନ୍ ଗ୍ଲାଇକଲ୍ ନିର୍ଦ୍ଧାରିତ ମାତ୍ରାଠାରୁ ୪୮ ଗୁଣ ଅଧିକ ଥିବା ପରୀକ୍ଷାଗାର ରିପୋର୍ଟରୁ ଜଣାପଡ଼ିଛି। ଏହି ରାସାୟନିକ ଶିଶୁଙ୍କ କିଡ୍‌ନୀ ଉପରେ ସିଧାସଳଖ ପ୍ରଭାବ ପକାଇଥାଏ।
ପୋଲିସ ଡାକ୍ତରଙ୍କ କ୍ଲିନିକରୁ ବହୁ ଗୁରୁତ୍ୱପୂର୍ଣ୍ଣ କାଗଜପତ୍ର ଜବତ କରିଛି। ତାଙ୍କ ବ୍ୟାଙ୍କ ଖାତାର ଲେଣଦେଣ ଯାଞ୍ଚ କରାଯାଉଛି। ଆଉ କେତେଜଣ ଡାକ୍ତର ଏହି ଜାଲରେ ସାମିଲ ଥିବା ସନ୍ଦେହ କରାଯାଉଛି।
ବଢ଼ୁଛି ନିଶା...
ଅନ୍ୟପଟେ କଫ୍ ସିରପ୍‌କୁ ନିଶା ଭାବରେ ବ୍ୟବହାର କରୁଥିବା ଯୁବକଙ୍କ ସଂଖ୍ୟା ବଢ଼ିବାରେ ଲାଗିଛି। ସୀମାବର୍ତ୍ତୀ ଜିଲ୍ଲାଗୁଡ଼ିକରେ ଚୋରା ଚାଲାଣ ମଧ୍ୟ ଜୋରଦାର ହୋଇଛି ବୋଲି ସୂଚନା ମିଳିଛି।
କେନ୍ଦ୍ର ସ୍ୱାସ୍ଥ୍ୟ ମନ୍ତ୍ରଣାଳୟ ସମସ୍ତ ରାଜ୍ୟକୁ ପରାମର୍ଶ ଜାରି କରି ଶିଶୁଙ୍କୁ ବିନା ବ୍ୟବସ୍ଥାପତ୍ରରେ କଫ୍ ସିରପ୍ ନ ଦେବାକୁ କହିଛି। ଦୋଷୀଙ୍କ ବିରୋଧରେ କଠୋର କାର୍ଯ୍ୟାନୁଷ୍ଠାନ ହେବ ବୋଲି ମୁଖ୍ୟମନ୍ତ୍ରୀ କହିଛନ୍ତି।
